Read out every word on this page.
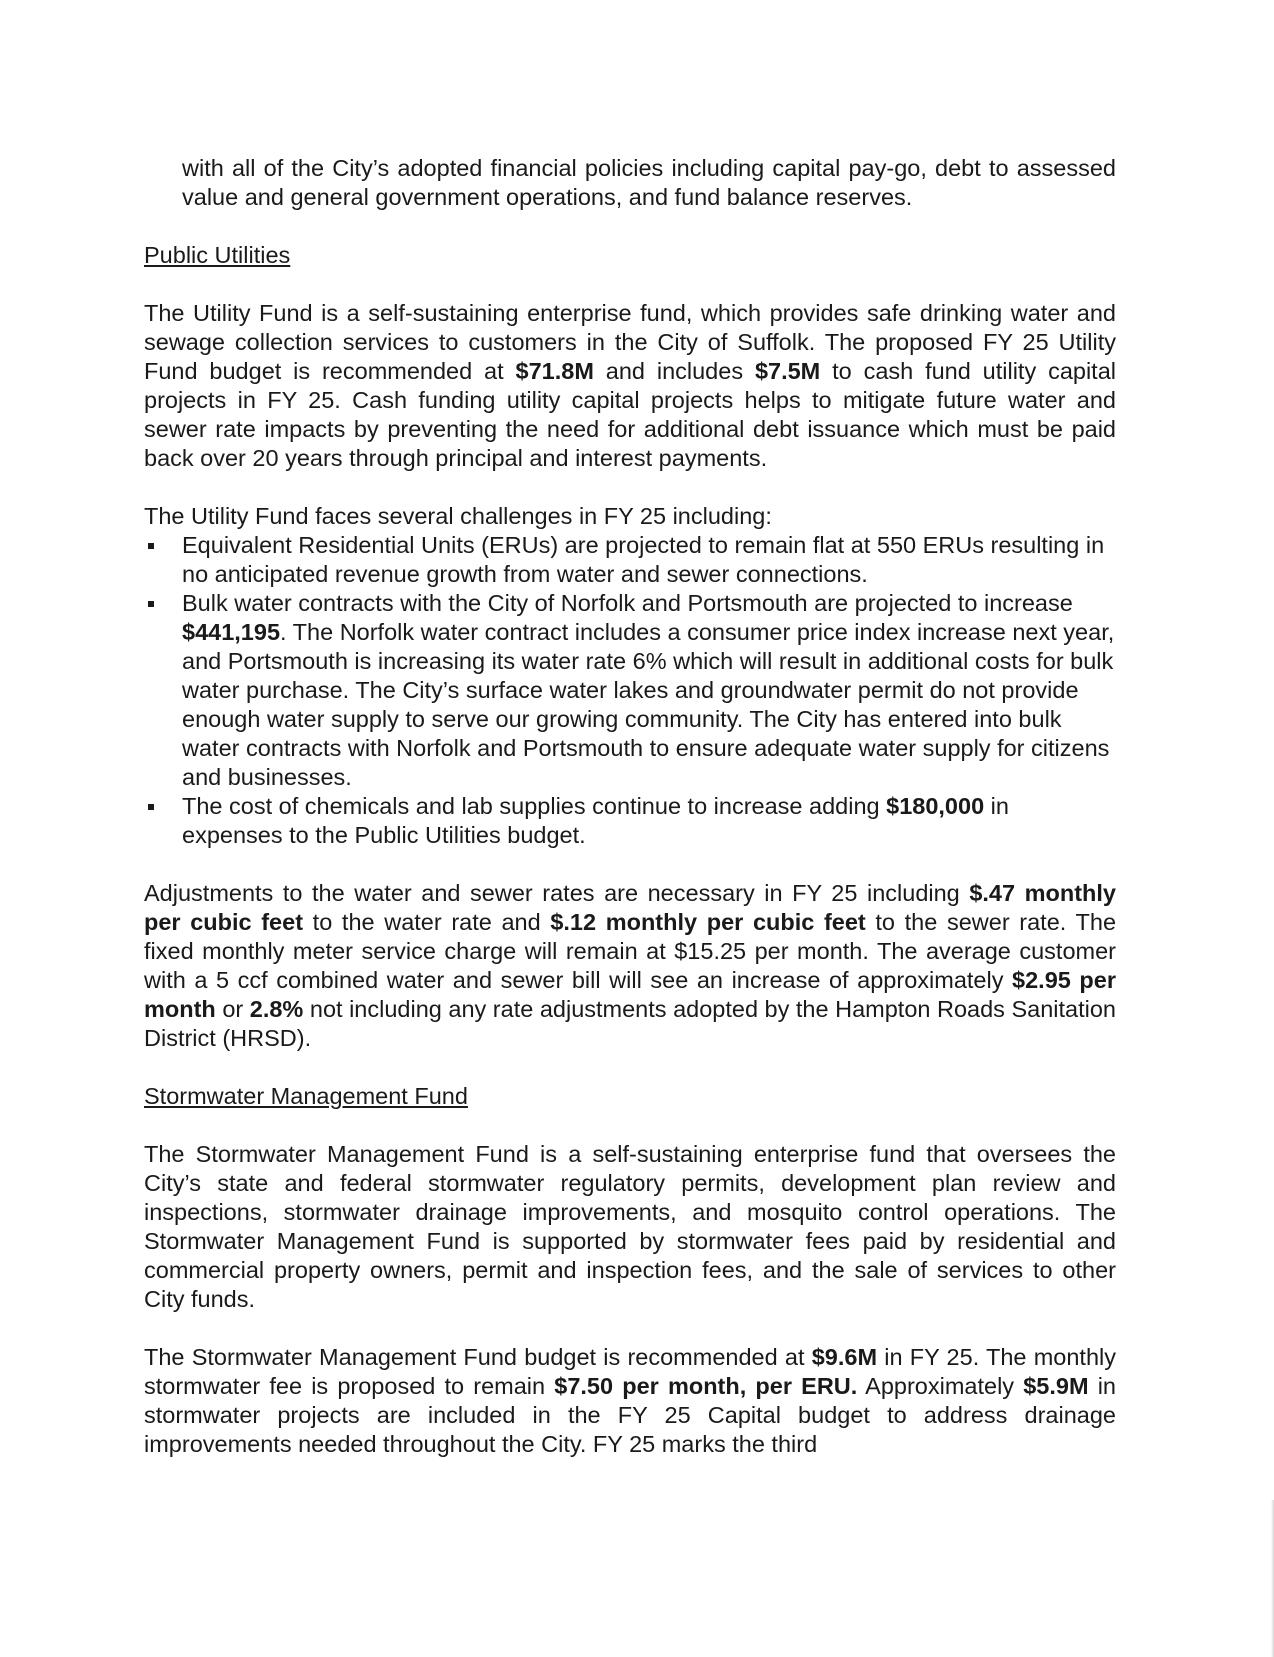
with all of the City’s adopted financial policies including capital pay-go, debt to assessed value and general government operations, and fund balance reserves.

Public Utilities

The Utility Fund is a self-sustaining enterprise fund, which provides safe drinking water and sewage collection services to customers in the City of Suffolk. The proposed FY 25 Utility Fund budget is recommended at $71.8M and includes $7.5M to cash fund utility capital projects in FY 25. Cash funding utility capital projects helps to mitigate future water and sewer rate impacts by preventing the need for additional debt issuance which must be paid back over 20 years through principal and interest payments.

The Utility Fund faces several challenges in FY 25 including:

Equivalent Residential Units (ERUs) are projected to remain flat at 550 ERUs resulting in no anticipated revenue growth from water and sewer connections.
Bulk water contracts with the City of Norfolk and Portsmouth are projected to increase $441,195. The Norfolk water contract includes a consumer price index increase next year, and Portsmouth is increasing its water rate 6% which will result in additional costs for bulk water purchase. The City’s surface water lakes and groundwater permit do not provide enough water supply to serve our growing community. The City has entered into bulk water contracts with Norfolk and Portsmouth to ensure adequate water supply for citizens and businesses.
The cost of chemicals and lab supplies continue to increase adding $180,000 in expenses to the Public Utilities budget.

Adjustments to the water and sewer rates are necessary in FY 25 including $.47 monthly per cubic feet to the water rate and $.12 monthly per cubic feet to the sewer rate. The fixed monthly meter service charge will remain at $15.25 per month. The average customer with a 5 ccf combined water and sewer bill will see an increase of approximately $2.95 per month or 2.8% not including any rate adjustments adopted by the Hampton Roads Sanitation District (HRSD).

Stormwater Management Fund

The Stormwater Management Fund is a self-sustaining enterprise fund that oversees the City’s state and federal stormwater regulatory permits, development plan review and inspections, stormwater drainage improvements, and mosquito control operations. The Stormwater Management Fund is supported by stormwater fees paid by residential and commercial property owners, permit and inspection fees, and the sale of services to other City funds.

The Stormwater Management Fund budget is recommended at $9.6M in FY 25. The monthly stormwater fee is proposed to remain $7.50 per month, per ERU. Approximately $5.9M in stormwater projects are included in the FY 25 Capital budget to address drainage improvements needed throughout the City. FY 25 marks the third
